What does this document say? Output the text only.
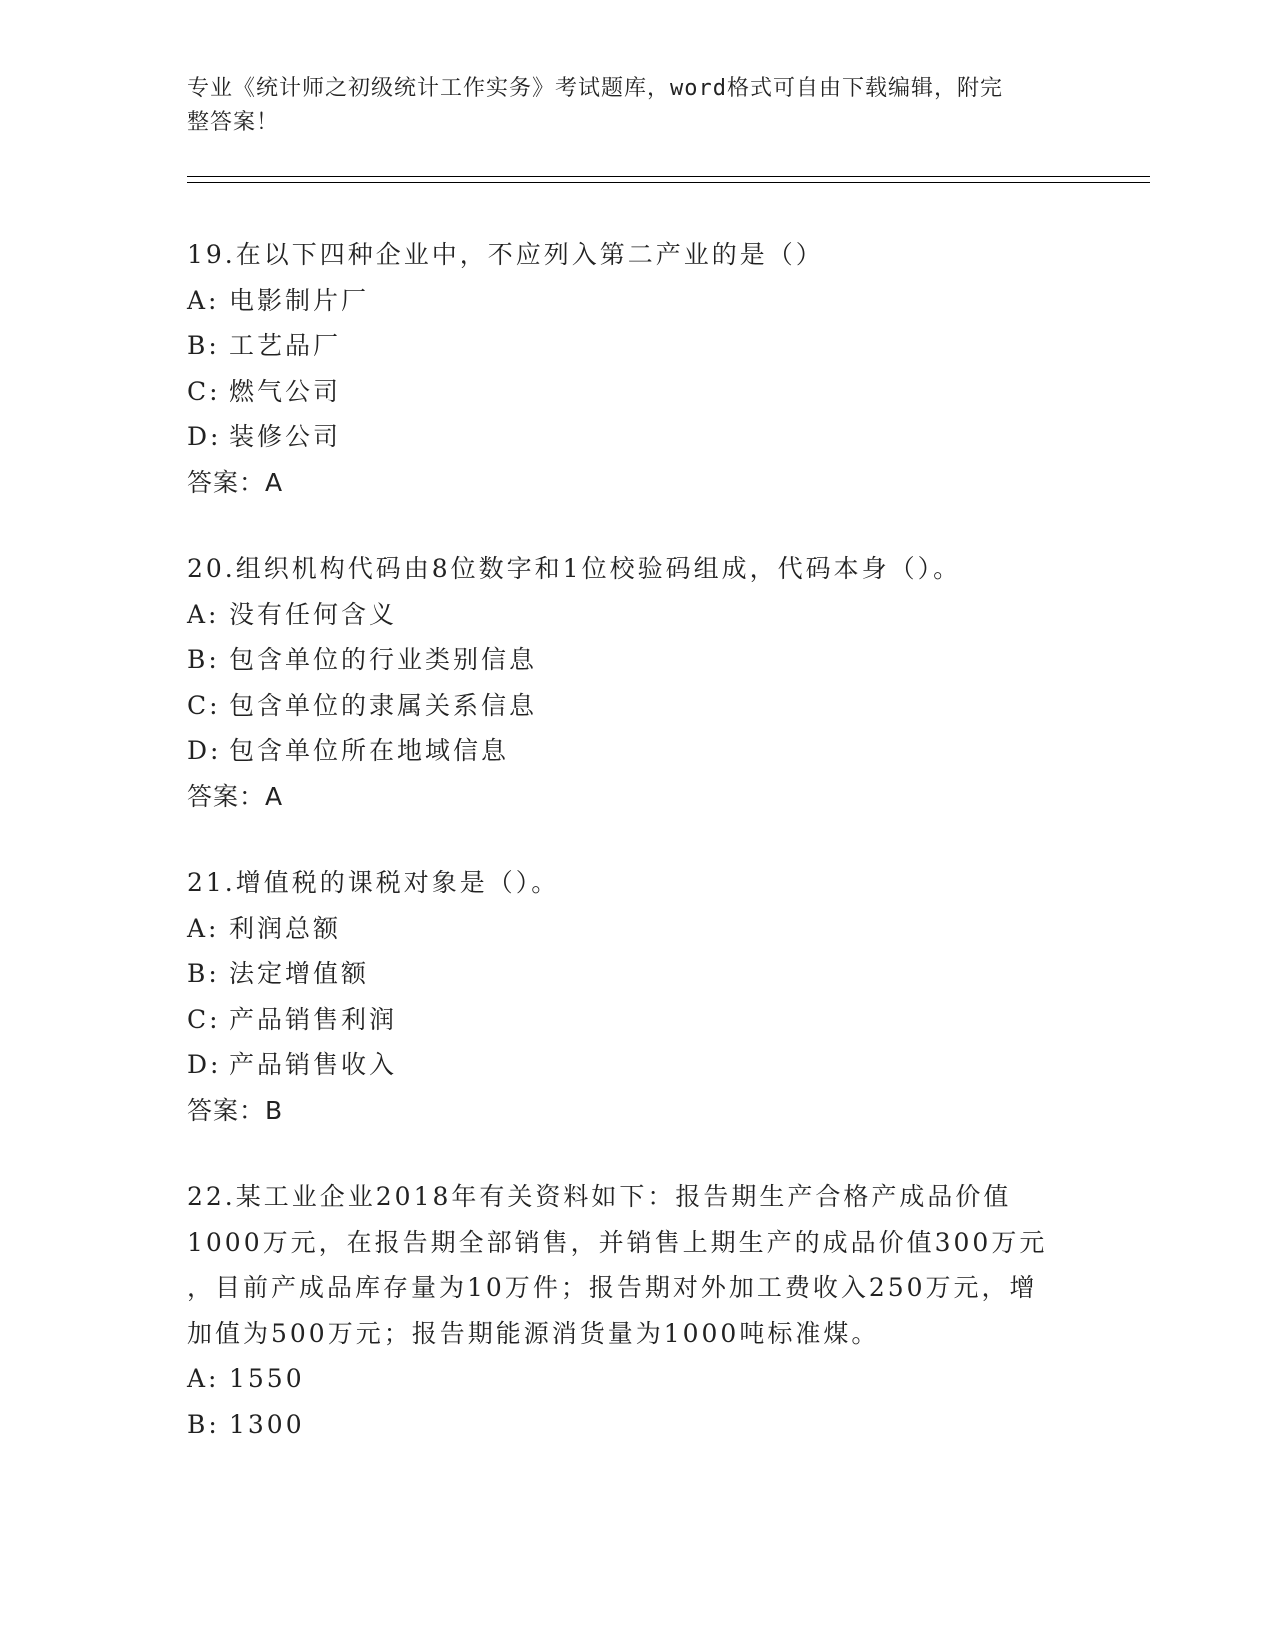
专业《统计师之初级统计工作实务》考试题库，word格式可自由下载编辑，附完
整答案！
19.在以下四种企业中，不应列入第二产业的是（）
A: 电影制片厂
B: 工艺品厂
C: 燃气公司
D: 装修公司
答案：A
20.组织机构代码由8位数字和1位校验码组成，代码本身（）。
A: 没有任何含义
B: 包含单位的行业类别信息
C: 包含单位的隶属关系信息
D: 包含单位所在地域信息
答案：A
21.增值税的课税对象是（）。
A: 利润总额
B: 法定增值额
C: 产品销售利润
D: 产品销售收入
答案：B
22.某工业企业2018年有关资料如下：报告期生产合格产成品价值
1000万元，在报告期全部销售，并销售上期生产的成品价值300万元
，目前产成品库存量为10万件；报告期对外加工费收入250万元，增
加值为500万元；报告期能源消货量为1000吨标准煤。
A: 1550
B: 1300
